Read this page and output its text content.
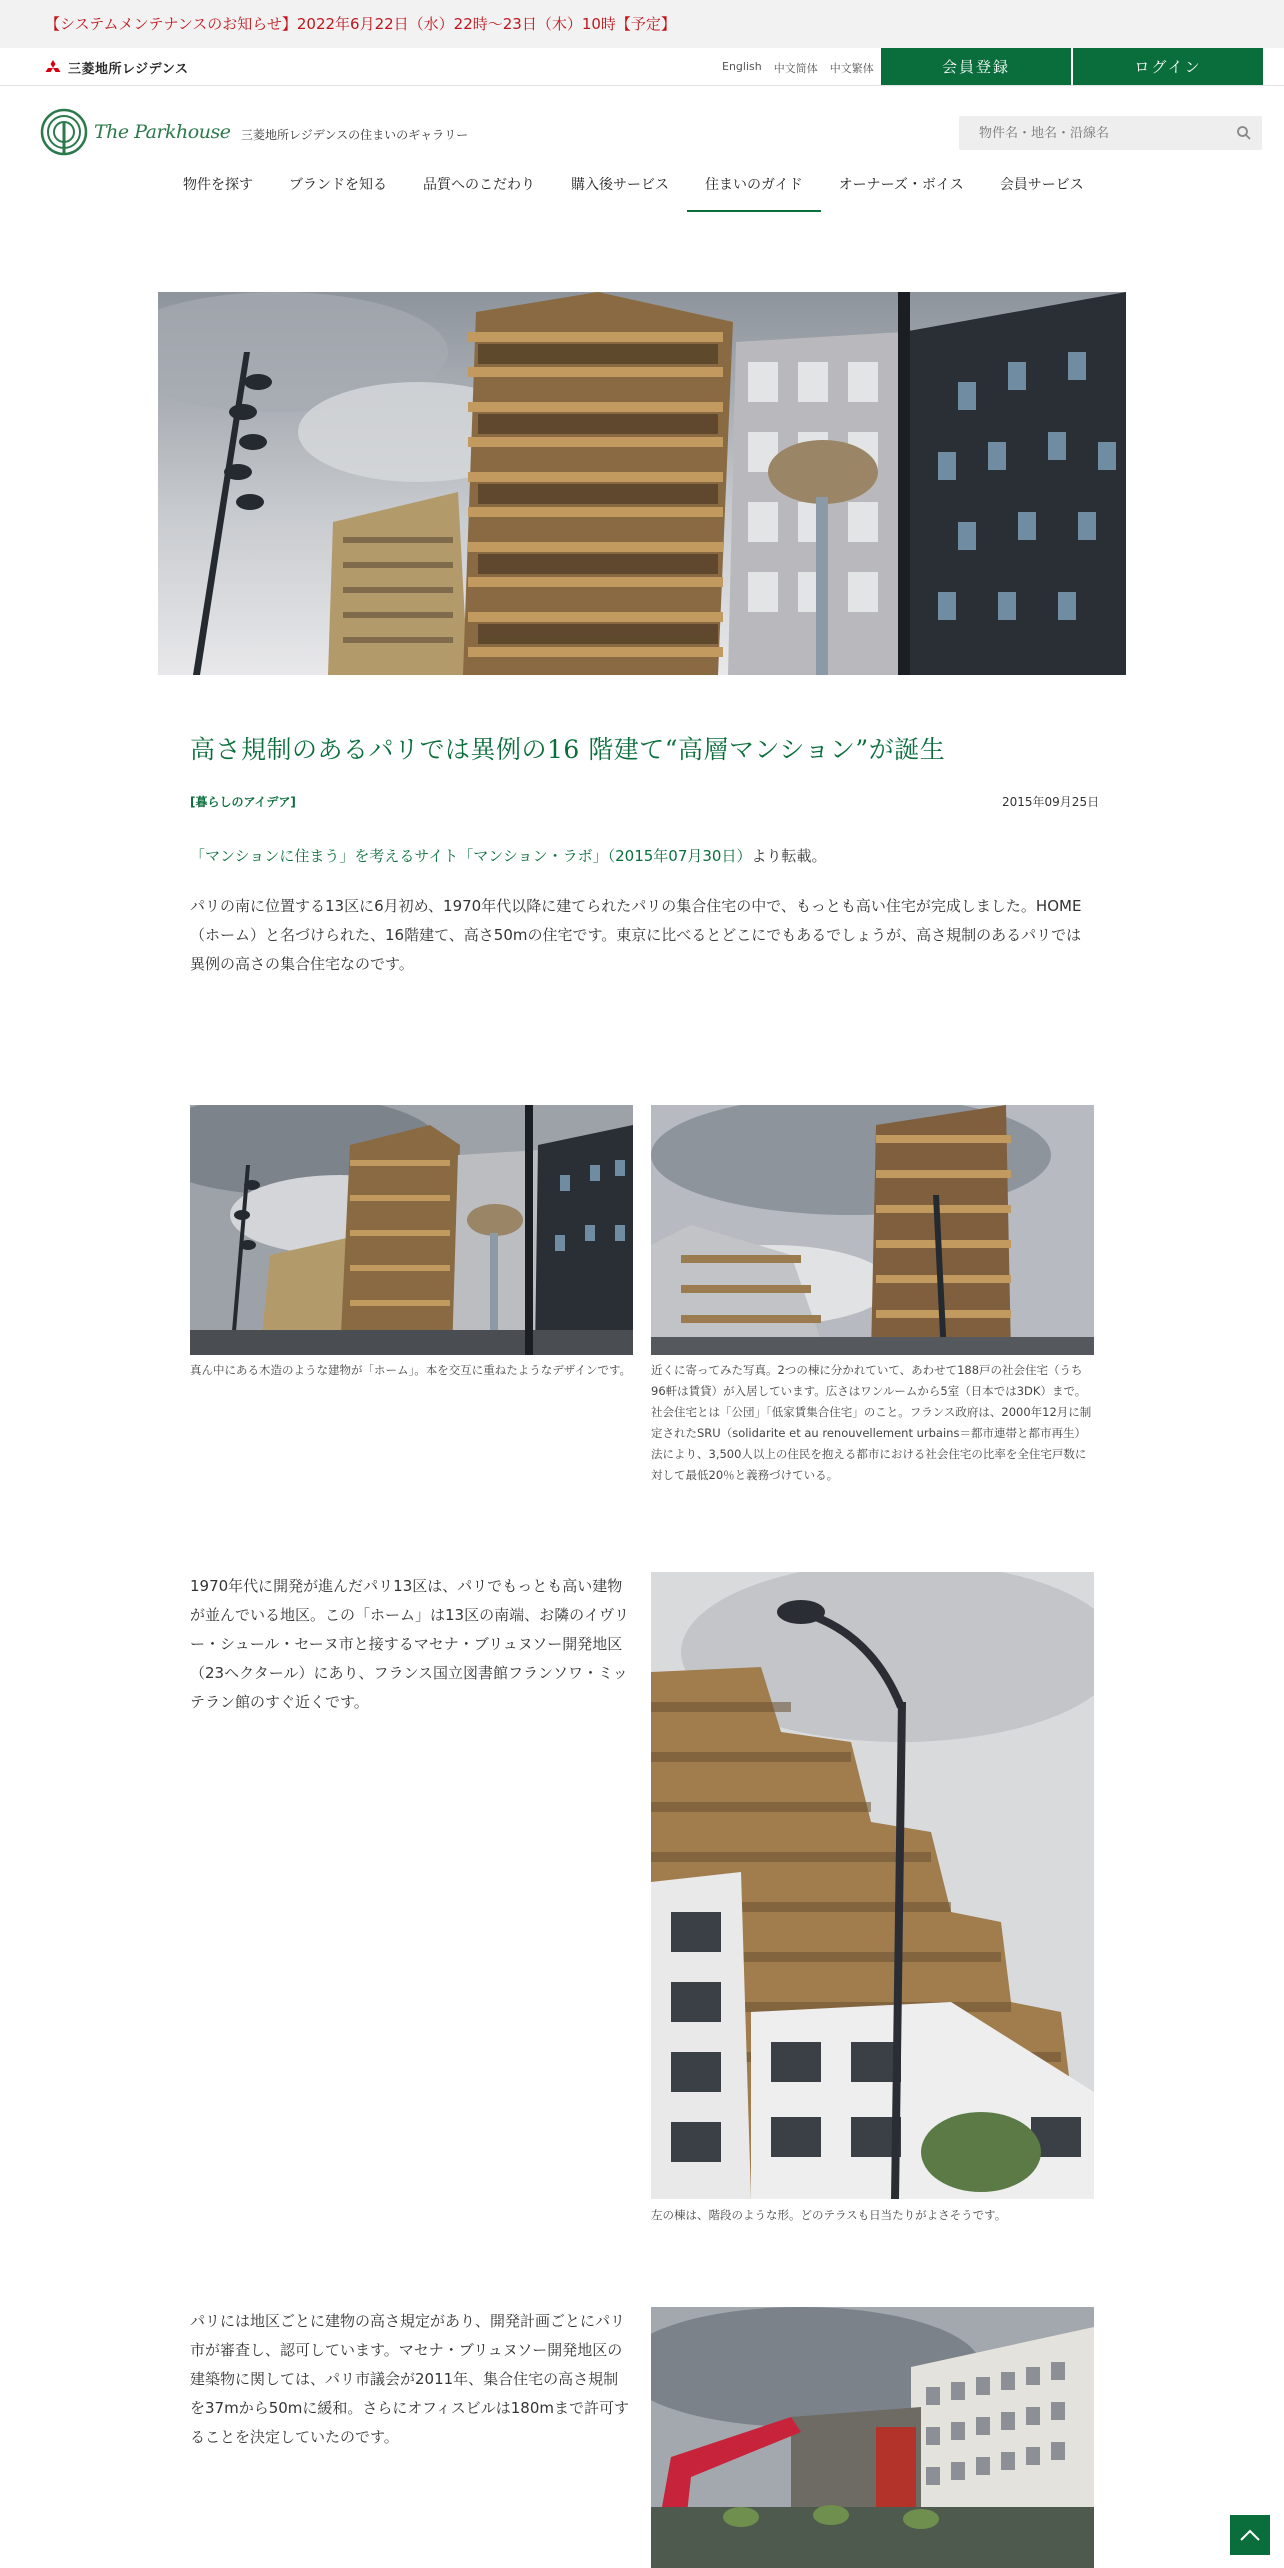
【システムメンテナンスのお知らせ】2022年6月22日（水）22時～23日（木）10時【予定】
三菱地所レジデンス	English 中文简体 中文繁体	会員登録	ログイン
The Parkhouse 三菱地所レジデンスの住まいのギャラリー
物件名・地名・沿線名
物件を探す	ブランドを知る	品質へのこだわり	購入後サービス	住まいのガイド	オーナーズ・ボイス	会員サービス
高さ規制のあるパリでは異例の16 階建て“高層マンション”が誕生
[暮らしのアイデア]	2015年09月25日
「マンションに住まう」を考えるサイト「マンション・ラボ」（2015年07月30日）より転載。

パリの南に位置する13区に6月初め、1970年代以降に建てられたパリの集合住宅の中で、もっとも高い住宅が完成しました。HOME（ホーム）と名づけられた、16階建て、高さ50mの住宅です。東京に比べるとどこにでもあるでしょうが、高さ規制のあるパリでは異例の高さの集合住宅なのです。

真ん中にある木造のような建物が「ホーム」。本を交互に重ねたようなデザインです。 近くに寄ってみた写真。2つの棟に分かれていて、あわせて188戸の社会住宅（うち96軒は賃貸）が入居しています。広さはワンルームから5室（日本では3DK）まで。社会住宅とは「公団」「低家賃集合住宅」のこと。フランス政府は、2000年12月に制定されたSRU（solidarite et au renouvellement urbains＝都市連帯と都市再生）法により、3,500人以上の住民を抱える都市における社会住宅の比率を全住宅戸数に対して最低20％と義務づけている。

1970年代に開発が進んだパリ13区は、パリでもっとも高い建物が並んでいる地区。この「ホーム」は13区の南端、お隣のイヴリー・シュール・セーヌ市と接するマセナ・ブリュヌソー開発地区（23ヘクタール）にあり、フランス国立図書館フランソワ・ミッテラン館のすぐ近くです。

左の棟は、階段のような形。どのテラスも日当たりがよさそうです。

パリには地区ごとに建物の高さ規定があり、開発計画ごとにパリ市が審査し、認可しています。マセナ・ブリュヌソー開発地区の建築物に関しては、パリ市議会が2011年、集合住宅の高さ規制を37mから50mに緩和。さらにオフィスビルは180mまで許可することを決定していたのです。
